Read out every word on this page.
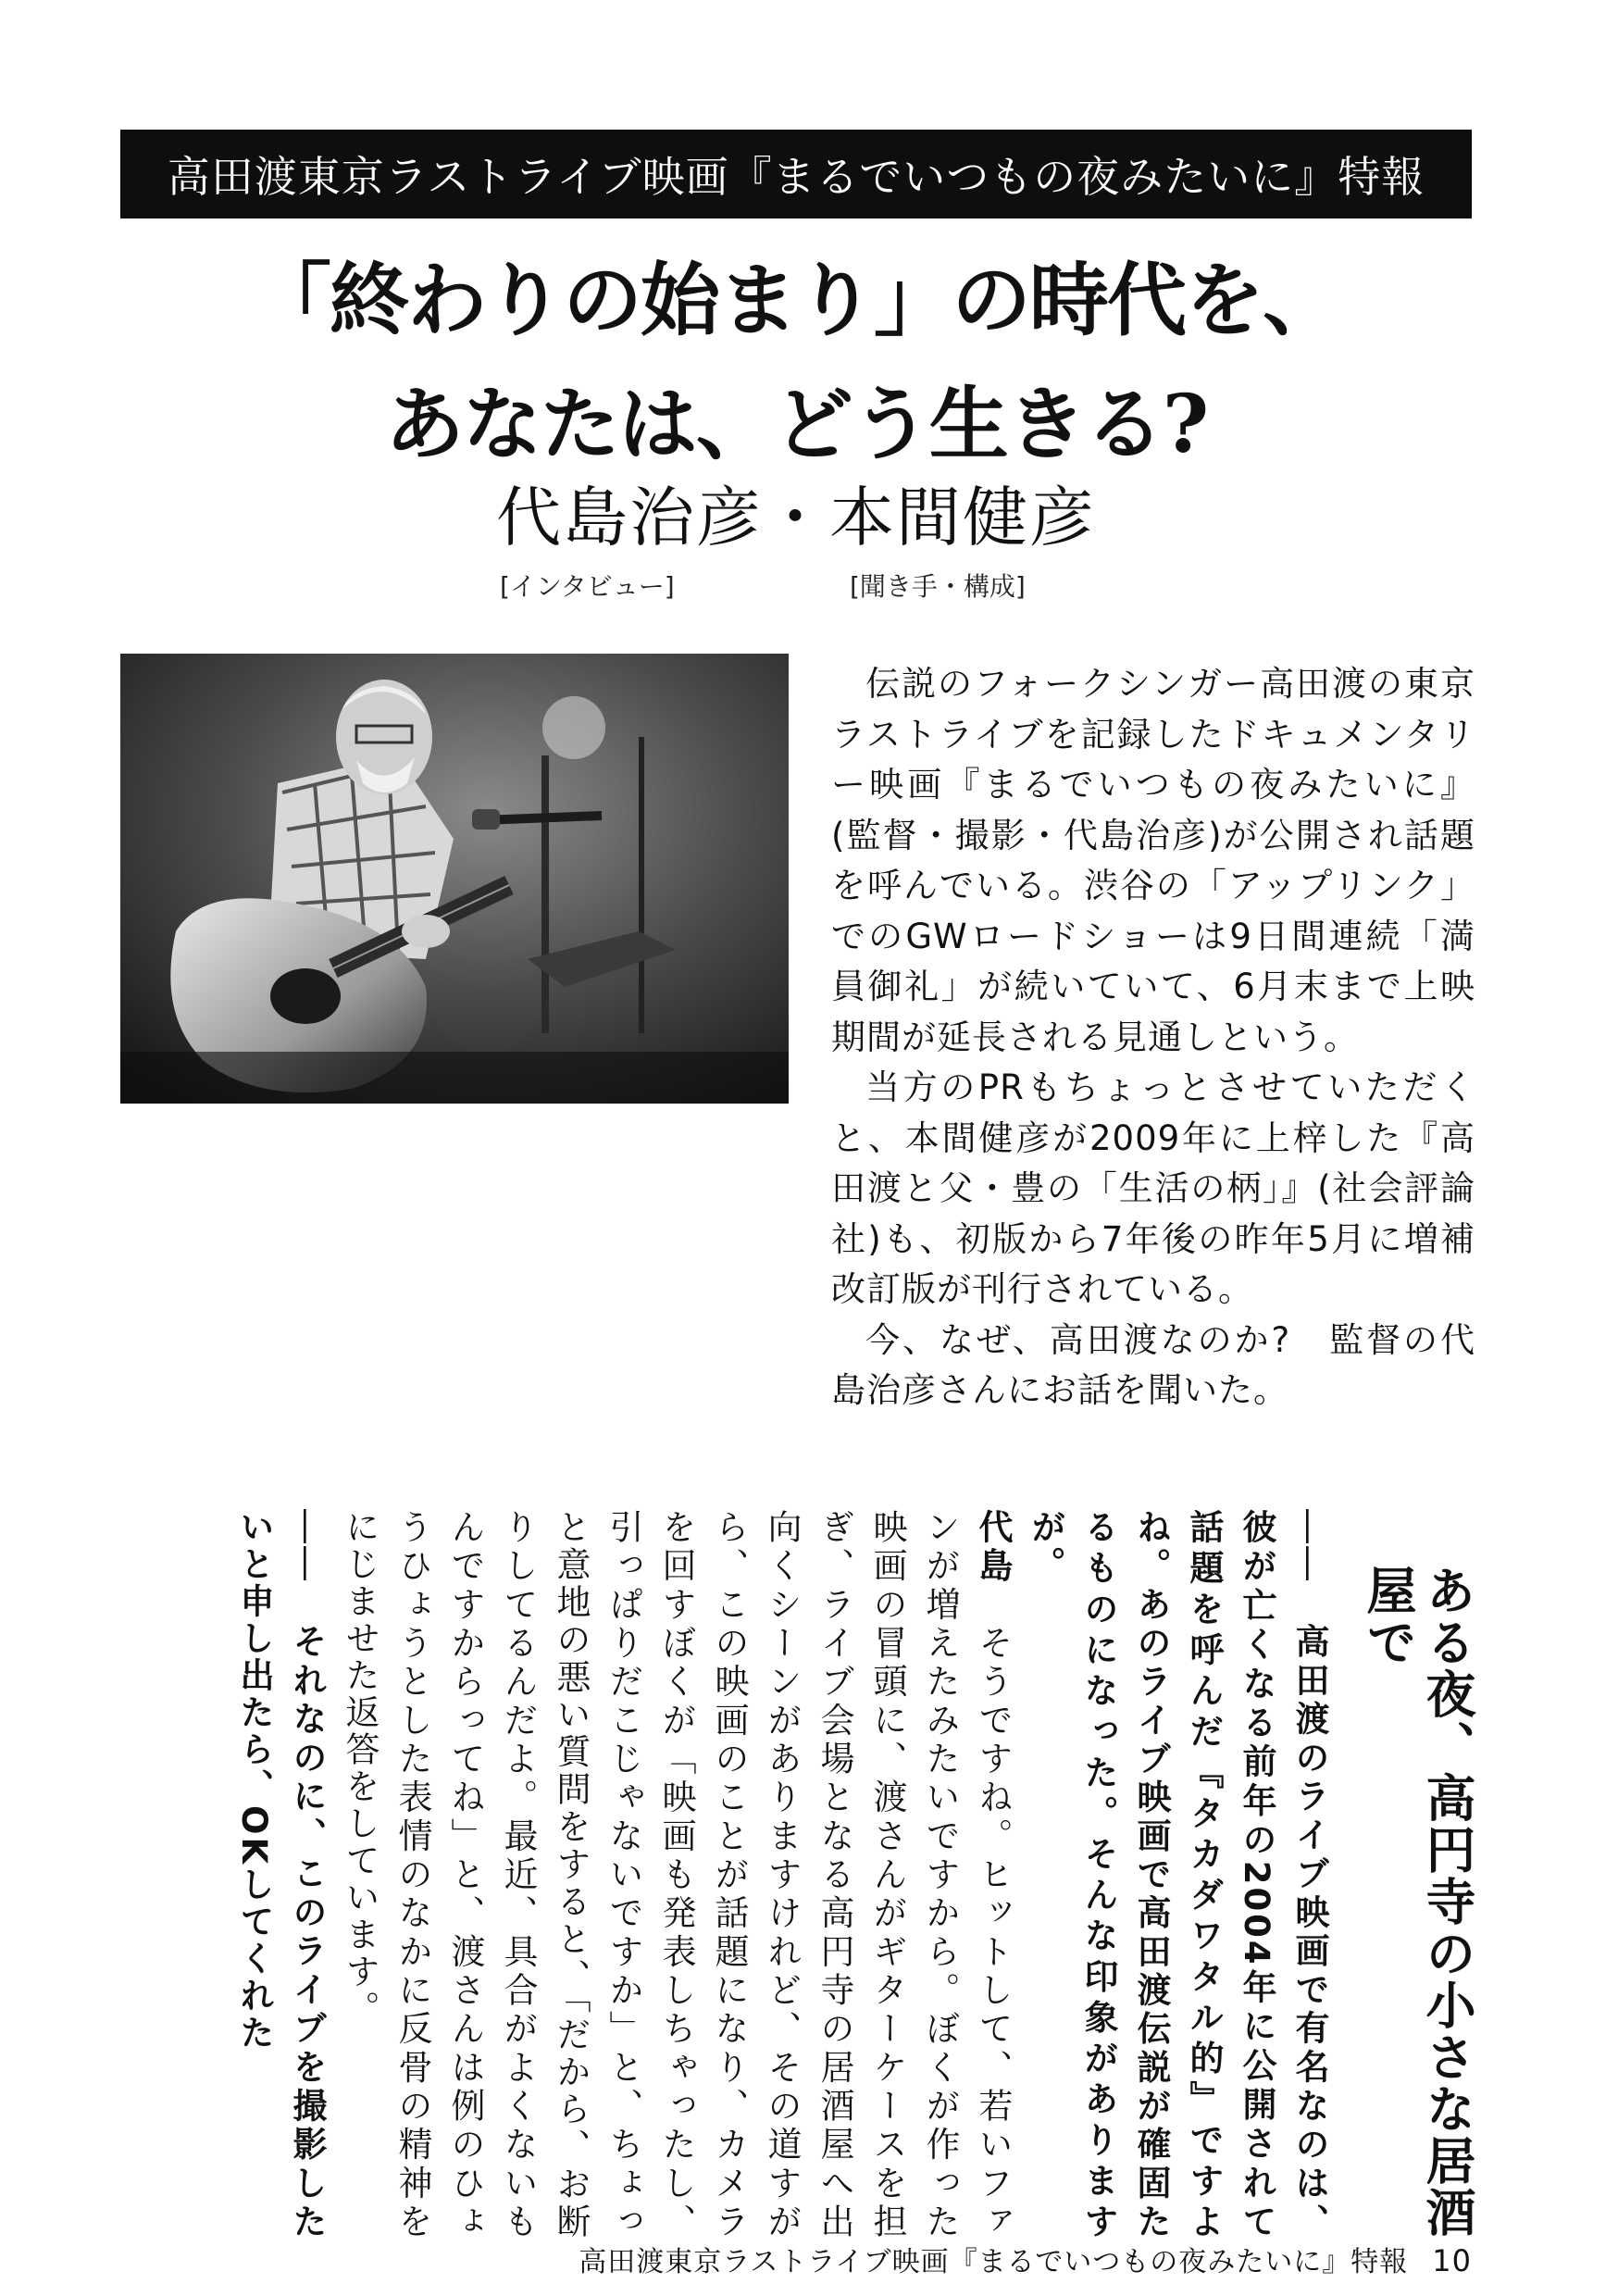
高田渡東京ラストライブ映画『まるでいつもの夜みたいに』特報
「終わりの始まり」の時代を、
あなたは、どう生きる?
代島治彦・本間健彦
[インタビュー]	[聞き手・構成]

伝説のフォークシンガー高田渡の東京ラストライブを記録したドキュメンタリー映画『まるでいつもの夜みたいに』(監督・撮影・代島治彦)が公開され話題を呼んでいる。渋谷の「アップリンク」でのGWロードショーは9日間連続「満員御礼」が続いていて、6月末まで上映期間が延長される見通しという。

当方のPRもちょっとさせていただくと、本間健彦が2009年に上梓した『高田渡と父・豊の「生活の柄」』(社会評論社)も、初版から7年後の昨年5月に増補改訂版が刊行されている。

今、なぜ、高田渡なのか?　監督の代島治彦さんにお話を聞いた。

ある夜、高円寺の小さな居酒屋で

――　高田渡のライブ映画で有名なのは、彼が亡くなる前年の2004年に公開されて話題を呼んだ『タカダワタル的』ですよね。あのライブ映画で高田渡伝説が確固たるものになった。そんな印象がありますが。

代島　そうですね。ヒットして、若いファンが増えたみたいですから。ぼくが作った映画の冒頭に、渡さんがギターケースを担ぎ、ライブ会場となる高円寺の居酒屋へ出向くシーンがありますけれど、その道すがら、この映画のことが話題になり、カメラを回すぼくが「映画も発表しちゃったし、引っぱりだこじゃないですか」と、ちょっと意地の悪い質問をすると、「だから、お断りしてるんだよ。最近、具合がよくないもんですからってね」と、渡さんは例のひょうひょうとした表情のなかに反骨の精神をにじませた返答をしています。

――　それなのに、このライブを撮影したいと申し出たら、OKしてくれた

高田渡東京ラストライブ映画『まるでいつもの夜みたいに』特報 10
